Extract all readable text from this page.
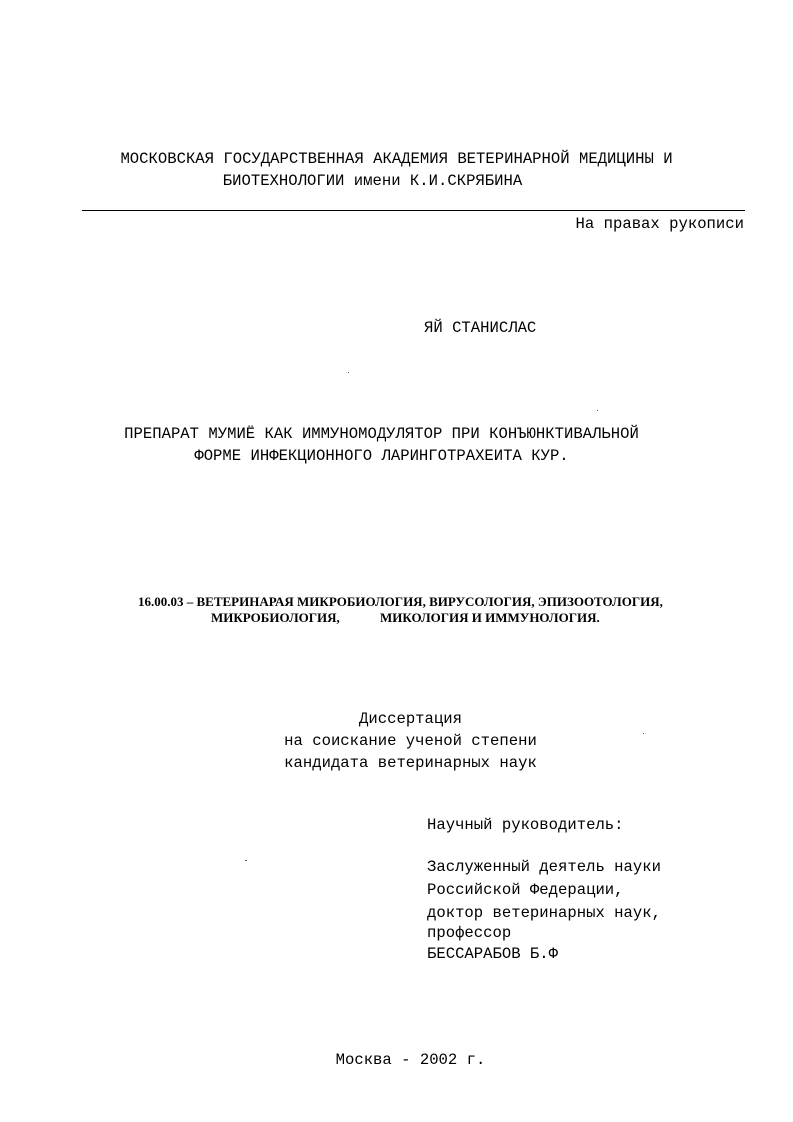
МОСКОВСКАЯ ГОСУДАРСТВЕННАЯ АКАДЕМИЯ ВЕТЕРИНАРНОЙ МЕДИЦИНЫ И
БИОТЕХНОЛОГИИ имени К.И.СКРЯБИНА
На правах рукописи
ЯЙ СТАНИСЛАС
ПРЕПАРАТ МУМИЁ КАК ИММУНОМОДУЛЯТОР ПРИ КОНЪЮНКТИВАЛЬНОЙ
ФОРМЕ ИНФЕКЦИОННОГО ЛАРИНГОТРАХЕИТА КУР.
16.00.03 – ВЕТЕРИНАРАЯ МИКРОБИОЛОГИЯ, ВИРУСОЛОГИЯ, ЭПИЗООТОЛОГИЯ,
МИКРОБИОЛОГИЯ,	МИКОЛОГИЯ И ИММУНОЛОГИЯ.
Диссертация
на соискание ученой степени
кандидата ветеринарных наук
Научный руководитель:
Заслуженный деятель науки
Российской Федерации,
доктор ветеринарных наук,
профессор
БЕССАРАБОВ Б.Ф
Москва - 2002 г.
